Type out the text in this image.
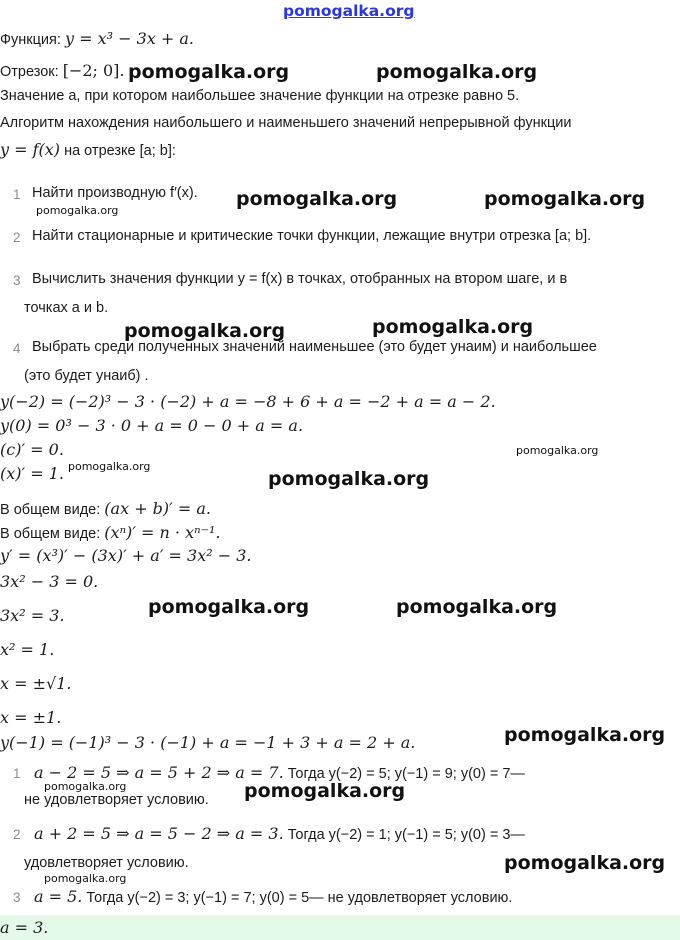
pomogalka.org
Функция: y = x³ − 3x + a.
Отрезок: [−2; 0].
Значение a, при котором наибольшее значение функции на отрезке равно 5.
Алгоритм нахождения наибольшего и наименьшего значений непрерывной функции
y = f(x) на отрезке [a; b]:
1 Найти производную f′(x).
2 Найти стационарные и критические точки функции, лежащие внутри отрезка [a; b].
3 Вычислить значения функции y = f(x) в точках, отобранных на втором шаге, и в
точках a и b.
4 Выбрать среди полученных значений наименьшее (это будет yнаим) и наибольшее
(это будет yнаиб) .
y(−2) = (−2)³ − 3 · (−2) + a = −8 + 6 + a = −2 + a = a − 2.
y(0) = 0³ − 3 · 0 + a = 0 − 0 + a = a.
(c)′ = 0.
(x)′ = 1.
В общем виде: (ax + b)′ = a.
В общем виде: (xⁿ)′ = n · xⁿ⁻¹.
y′ = (x³)′ − (3x)′ + a′ = 3x² − 3.
3x² − 3 = 0.
3x² = 3.
x² = 1.
x = ±√1.
x = ±1.
y(−1) = (−1)³ − 3 · (−1) + a = −1 + 3 + a = 2 + a.
1 a − 2 = 5 ⇒ a = 5 + 2 ⇒ a = 7. Тогда y(−2) = 5; y(−1) = 9; y(0) = 7—
не удовлетворяет условию.
2 a + 2 = 5 ⇒ a = 5 − 2 ⇒ a = 3. Тогда y(−2) = 1; y(−1) = 5; y(0) = 3—
удовлетворяет условию.
3 a = 5. Тогда y(−2) = 3; y(−1) = 7; y(0) = 5— не удовлетворяет условию.
a = 3.
pomogalka.org	pomogalka.org
pomogalka.org	pomogalka.org
pomogalka.org	pomogalka.org
pomogalka.org
pomogalka.org	pomogalka.org
pomogalka.org
pomogalka.org
pomogalka.org
pomogalka.org
pomogalka.org
pomogalka.org
pomogalka.org
pomogalka.org
